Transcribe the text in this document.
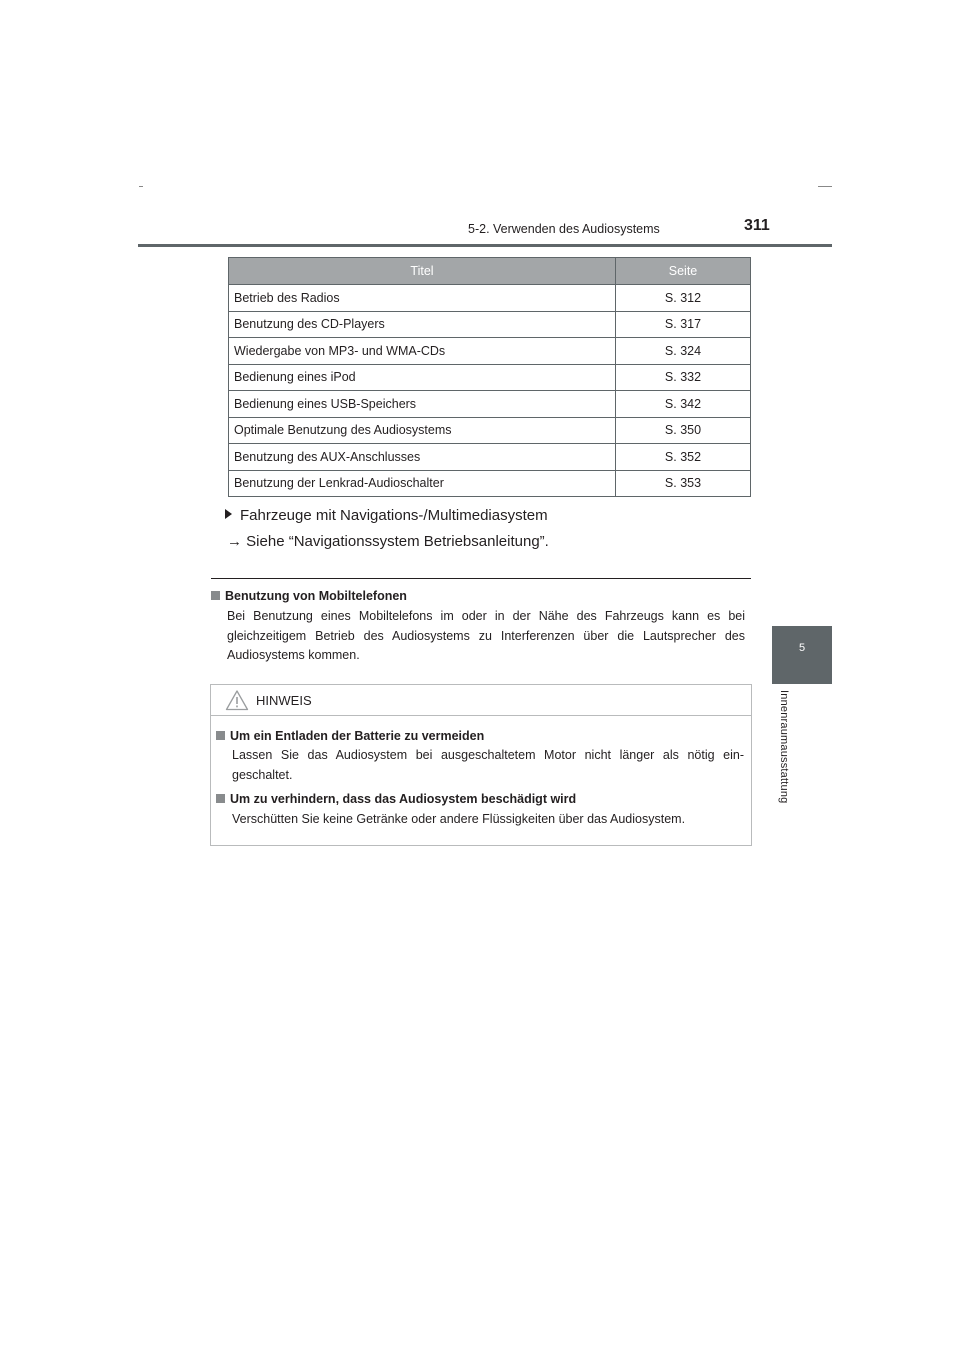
5-2. Verwenden des Audiosystems	311
5
Innenraumausstattung
Titel	Seite
Betrieb des Radios	S. 312
Benutzung des CD-Players	S. 317
Wiedergabe von MP3- und WMA-CDs	S. 324
Bedienung eines iPod	S. 332
Bedienung eines USB-Speichers	S. 342
Optimale Benutzung des Audiosystems	S. 350
Benutzung des AUX-Anschlusses	S. 352
Benutzung der Lenkrad-Audioschalter	S. 353
Fahrzeuge mit Navigations-/Multimediasystem
→ Siehe “Navigationssystem Betriebsanleitung”.
Benutzung von Mobiltelefonen
Bei Benutzung eines Mobiltelefons im oder in der Nähe des Fahrzeugs kann es bei gleichzeitigem Betrieb des Audiosystems zu Interferenzen über die Lautsprecher des Audiosystems kommen.
HINWEIS
Um ein Entladen der Batterie zu vermeiden
Lassen Sie das Audiosystem bei ausgeschaltetem Motor nicht länger als nötig ein-geschaltet.
Um zu verhindern, dass das Audiosystem beschädigt wird
Verschütten Sie keine Getränke oder andere Flüssigkeiten über das Audiosystem.
